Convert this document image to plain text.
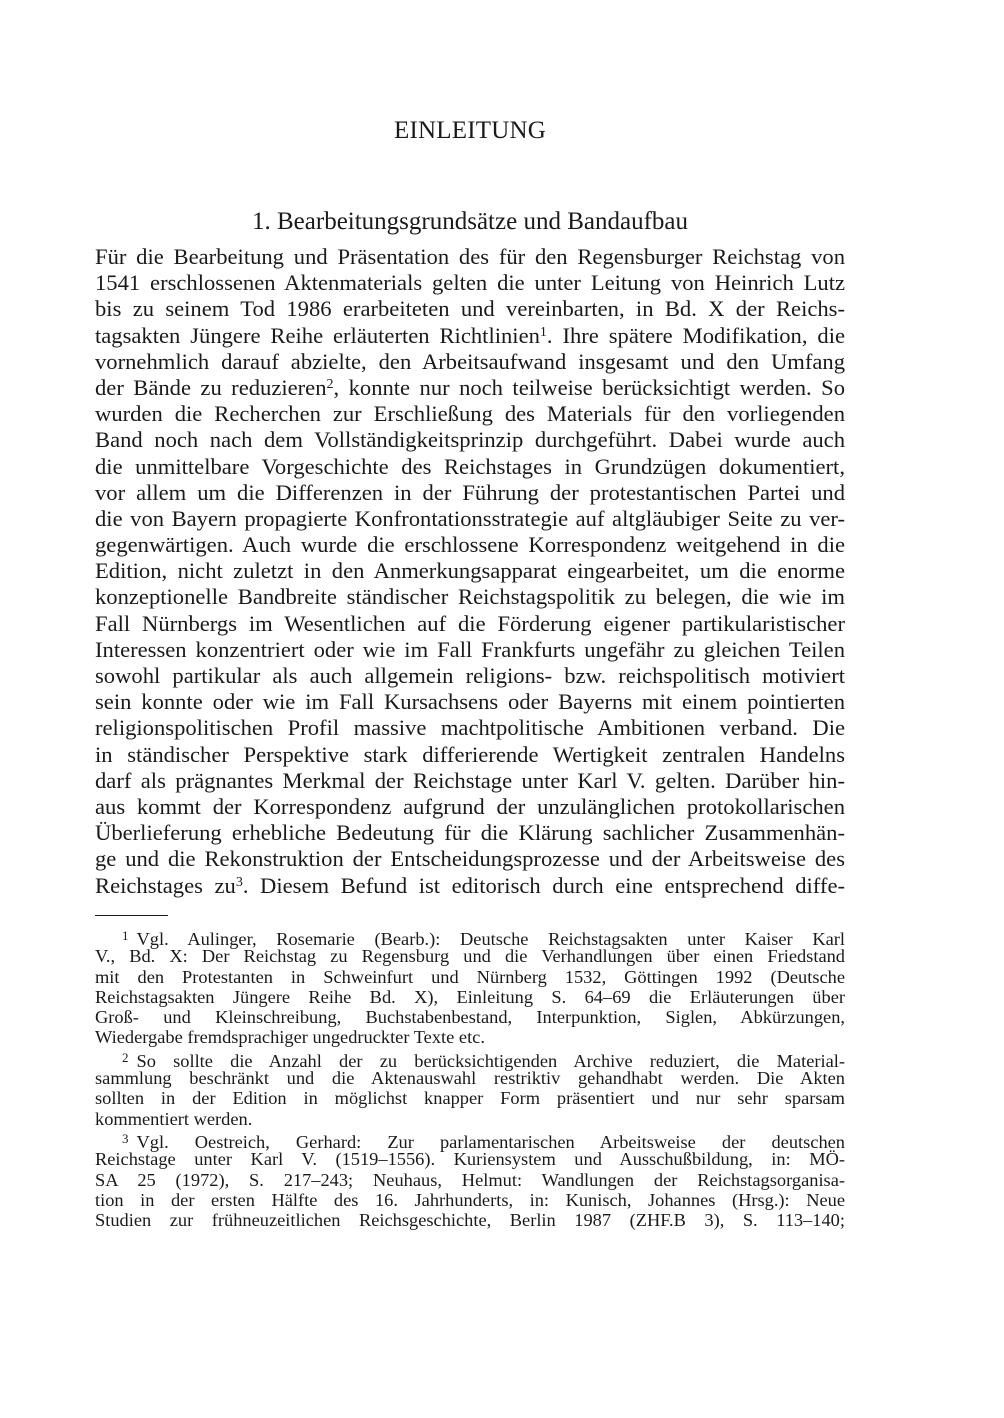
EINLEITUNG
1. Bearbeitungsgrundsätze und Bandaufbau
Für die Bearbeitung und Präsentation des für den Regensburger Reichstag von
1541 erschlossenen Aktenmaterials gelten die unter Leitung von Heinrich Lutz
bis zu seinem Tod 1986 erarbeiteten und vereinbarten, in Bd. X der Reichs-
tagsakten Jüngere Reihe erläuterten Richtlinien$^1$. Ihre spätere Modifikation, die
vornehmlich darauf abzielte, den Arbeitsaufwand insgesamt und den Umfang
der Bände zu reduzieren$^2$, konnte nur noch teilweise berücksichtigt werden. So
wurden die Recherchen zur Erschließung des Materials für den vorliegenden
Band noch nach dem Vollständigkeitsprinzip durchgeführt. Dabei wurde auch
die unmittelbare Vorgeschichte des Reichstages in Grundzügen dokumentiert,
vor allem um die Differenzen in der Führung der protestantischen Partei und
die von Bayern propagierte Konfrontationsstrategie auf altgläubiger Seite zu ver-
gegenwärtigen. Auch wurde die erschlossene Korrespondenz weitgehend in die
Edition, nicht zuletzt in den Anmerkungsapparat eingearbeitet, um die enorme
konzeptionelle Bandbreite ständischer Reichstagspolitik zu belegen, die wie im
Fall Nürnbergs im Wesentlichen auf die Förderung eigener partikularistischer
Interessen konzentriert oder wie im Fall Frankfurts ungefähr zu gleichen Teilen
sowohl partikular als auch allgemein religions- bzw. reichspolitisch motiviert
sein konnte oder wie im Fall Kursachsens oder Bayerns mit einem pointierten
religionspolitischen Profil massive machtpolitische Ambitionen verband. Die
in ständischer Perspektive stark differierende Wertigkeit zentralen Handelns
darf als prägnantes Merkmal der Reichstage unter Karl V. gelten. Darüber hin-
aus kommt der Korrespondenz aufgrund der unzulänglichen protokollarischen
Überlieferung erhebliche Bedeutung für die Klärung sachlicher Zusammenhän-
ge und die Rekonstruktion der Entscheidungsprozesse und der Arbeitsweise des
Reichstages zu$^3$. Diesem Befund ist editorisch durch eine entsprechend diffe-
$^1$ Vgl. Aulinger, Rosemarie (Bearb.): Deutsche Reichstagsakten unter Kaiser Karl
V., Bd. X: Der Reichstag zu Regensburg und die Verhandlungen über einen Friedstand
mit den Protestanten in Schweinfurt und Nürnberg 1532, Göttingen 1992 (Deutsche
Reichstagsakten Jüngere Reihe Bd. X), Einleitung S. 64–69 die Erläuterungen über
Groß- und Kleinschreibung, Buchstabenbestand, Interpunktion, Siglen, Abkürzungen,
Wiedergabe fremdsprachiger ungedruckter Texte etc.
$^2$ So sollte die Anzahl der zu berücksichtigenden Archive reduziert, die Material-
sammlung beschränkt und die Aktenauswahl restriktiv gehandhabt werden. Die Akten
sollten in der Edition in möglichst knapper Form präsentiert und nur sehr sparsam
kommentiert werden.
$^3$ Vgl. Oestreich, Gerhard: Zur parlamentarischen Arbeitsweise der deutschen
Reichstage unter Karl V. (1519–1556). Kuriensystem und Ausschußbildung, in: MÖ-
SA 25 (1972), S. 217–243; Neuhaus, Helmut: Wandlungen der Reichstagsorganisa-
tion in der ersten Hälfte des 16. Jahrhunderts, in: Kunisch, Johannes (Hrsg.): Neue
Studien zur frühneuzeitlichen Reichsgeschichte, Berlin 1987 (ZHF.B 3), S. 113–140;
